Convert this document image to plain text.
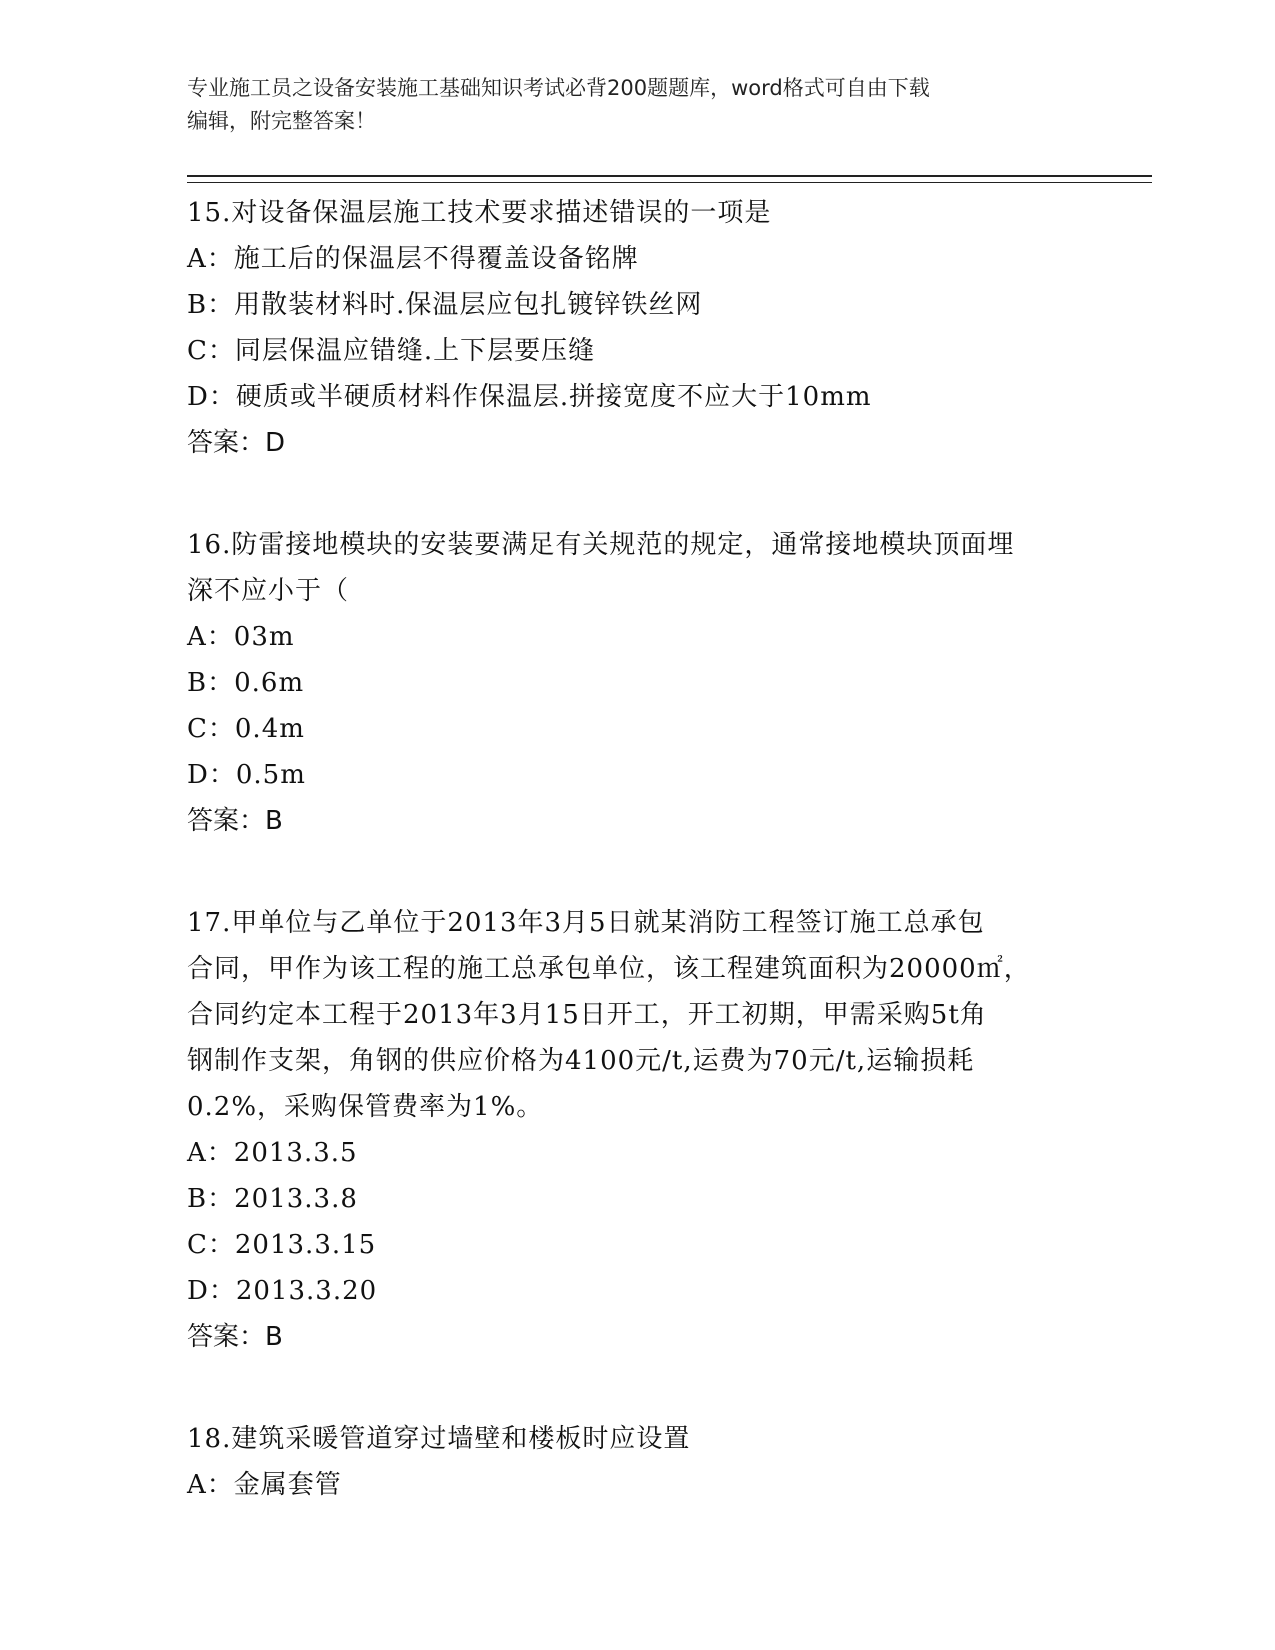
专业施工员之设备安装施工基础知识考试必背200题题库，word格式可自由下载
编辑，附完整答案！
15.对设备保温层施工技术要求描述错误的一项是
A：施工后的保温层不得覆盖设备铭牌
B：用散装材料时.保温层应包扎镀锌铁丝网
C：同层保温应错缝.上下层要压缝
D：硬质或半硬质材料作保温层.拼接宽度不应大于10mm
答案：D
16.防雷接地模块的安装要满足有关规范的规定，通常接地模块顶面埋
深不应小于（
A：03m
B：0.6m
C：0.4m
D：0.5m
答案：B
17.甲单位与乙单位于2013年3月5日就某消防工程签订施工总承包
合同，甲作为该工程的施工总承包单位，该工程建筑面积为20000㎡，
合同约定本工程于2013年3月15日开工，开工初期，甲需采购5t角
钢制作支架，角钢的供应价格为4100元/t,运费为70元/t,运输损耗
0.2%，采购保管费率为1%。
A：2013.3.5
B：2013.3.8
C：2013.3.15
D：2013.3.20
答案：B
18.建筑采暖管道穿过墙壁和楼板时应设置
A：金属套管
